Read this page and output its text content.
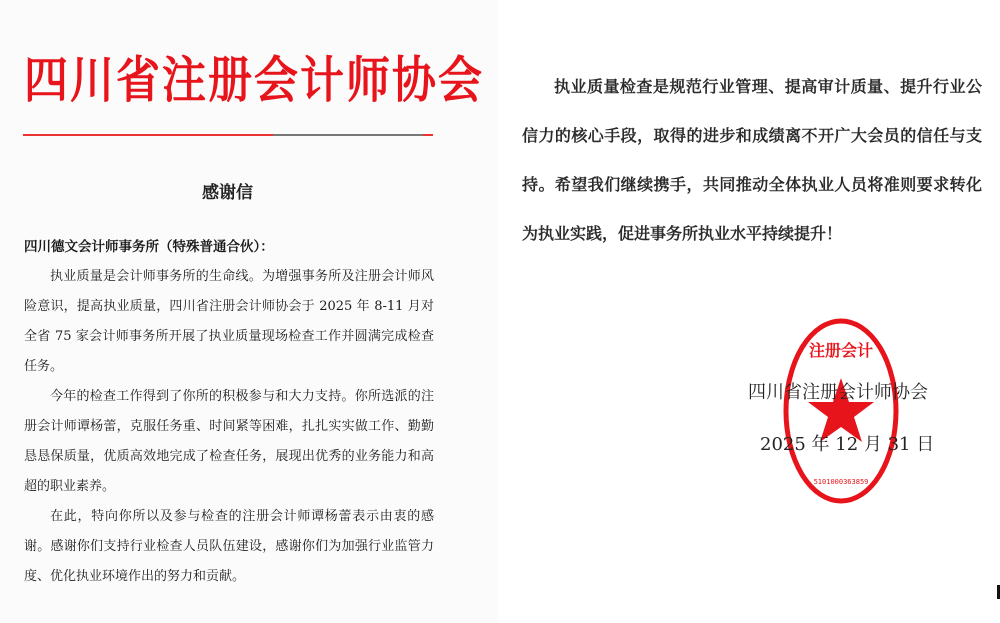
四川省注册会计师协会
感谢信

四川德文会计师事务所（特殊普通合伙）：

执业质量是会计师事务所的生命线。为增强事务所及注册会计师风险意识，提高执业质量，四川省注册会计师协会于 2025 年 8-11 月对全省 75 家会计师事务所开展了执业质量现场检查工作并圆满完成检查任务。

今年的检查工作得到了你所的积极参与和大力支持。你所选派的注册会计师谭杨蕾，克服任务重、时间紧等困难，扎扎实实做工作、勤勤恳恳保质量，优质高效地完成了检查任务，展现出优秀的业务能力和高超的职业素养。

在此，特向你所以及参与检查的注册会计师谭杨蕾表示由衷的感谢。感谢你们支持行业检查人员队伍建设，感谢你们为加强行业监管力度、优化执业环境作出的努力和贡献。

执业质量检查是规范行业管理、提高审计质量、提升行业公信力的核心手段，取得的进步和成绩离不开广大会员的信任与支持。希望我们继续携手，共同推动全体执业人员将准则要求转化为执业实践，促进事务所执业水平持续提升！

注册会计
5101000363859
四川省注册会计师协会
2025 年 12 月 31 日
